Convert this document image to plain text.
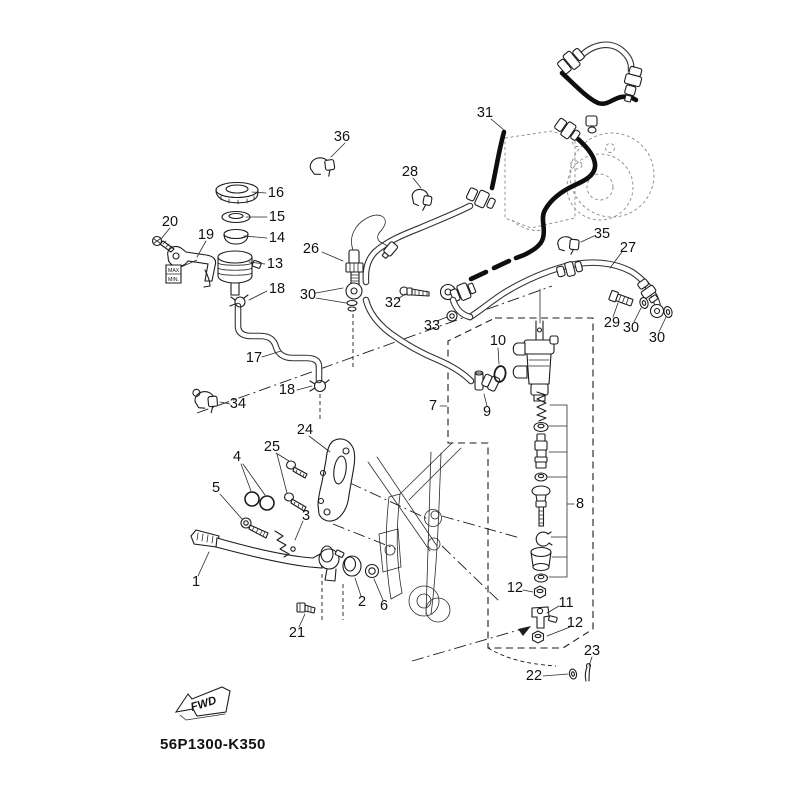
MAX
MIN.
FWD
56P1300-K350
1
2
3
4
5
6
7
8
9
10
11
12
12
13
14
15
16
17
18
18
19
20
21
22
23
24
25
26	27
28
29
30
30
30
31
32
33
34
35
36
